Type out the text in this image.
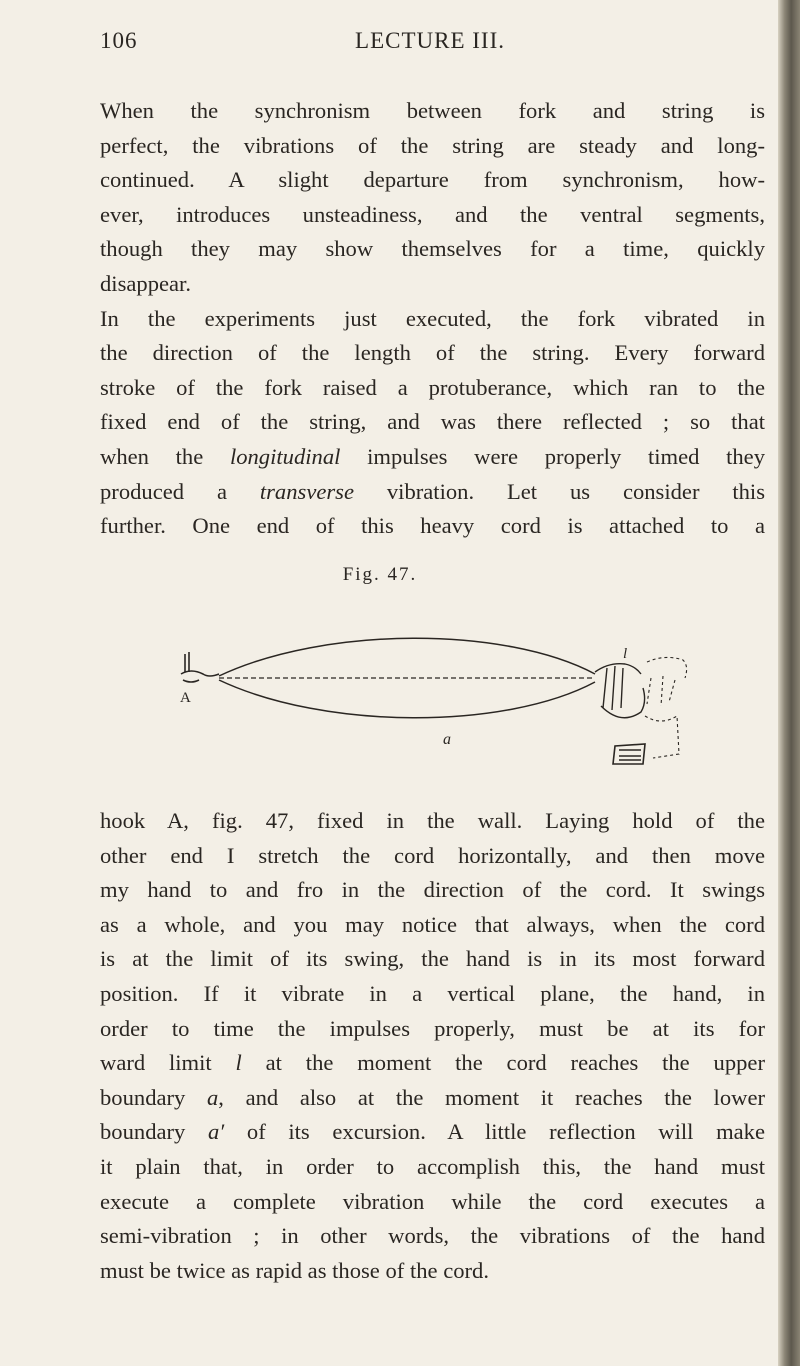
106	LECTURE III.
When the synchronism between fork and string is
perfect, the vibrations of the string are steady and long-
continued. A slight departure from synchronism, how-
ever, introduces unsteadiness, and the ventral segments,
though they may show themselves for a time, quickly
disappear.
In the experiments just executed, the fork vibrated in
the direction of the length of the string. Every forward
stroke of the fork raised a protuberance, which ran to the
fixed end of the string, and was there reflected ; so that
when the longitudinal impulses were properly timed they
produced a transverse vibration. Let us consider this
further. One end of this heavy cord is attached to a
Fig. 47.
A
a
l
hook A, fig. 47, fixed in the wall. Laying hold of the
other end I stretch the cord horizontally, and then move
my hand to and fro in the direction of the cord. It swings
as a whole, and you may notice that always, when the cord
is at the limit of its swing, the hand is in its most forward
position. If it vibrate in a vertical plane, the hand, in
order to time the impulses properly, must be at its for
ward limit l at the moment the cord reaches the upper
boundary a, and also at the moment it reaches the lower
boundary a′ of its excursion. A little reflection will make
it plain that, in order to accomplish this, the hand must
execute a complete vibration while the cord executes a
semi-vibration ; in other words, the vibrations of the hand
must be twice as rapid as those of the cord.
